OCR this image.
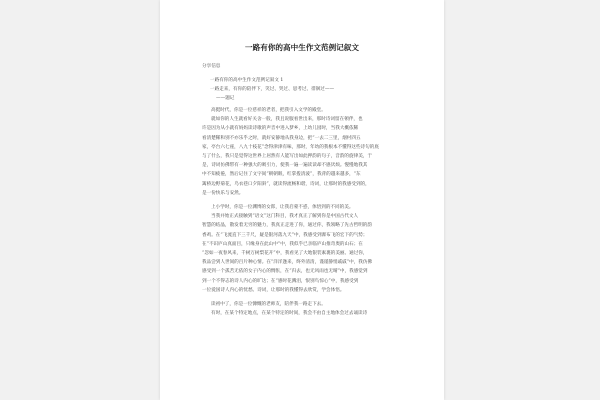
一路有你的高中生作文范例记叙文
分享信息
一路有你的高中生作文范例记叙文 1
一路走来，有你的陪伴下，笑过、哭过、思考过、徘徊过——
——题记
高挺时代，你是一位慈祥的老者，把我引入文学的殿堂。
就如你的人生就看好关舍一般，我且说服看世出来，那时诗词留在頓伴，也
许是因为从小就有妈妈读诗歌的声音中进入梦乡，上幼儿园时，当我大概依稀
看清楚稀和别不亦乐乎之时，就好安静地从我身边，把“一去二三里，烟村四五
家，亭台六七座，八九十枝花”念得津津有味，那时，年幼的我根本不懂得这些诗句的底
与了什么，我只是觉得这世界上居然有人能写出如此押韵的句子，音韵的旋律美，于
是，诗词仿佛带有一种强大的吸引力，使我一遍一遍读读却不感厌烦。慢慢地我其
中不知疲倦，然后记住了文字间“朝朝眠，红掌拨清波”，我背的越来越多，“东
篱桥边野菊花，乌衣巷口夕阳斜”，就读得流畅和谐，诗词，让那时的我感受到的，
是一份快乐与安然。
上小学时，你是一位渊博的女郎，让我启蒙不惑，体悟到的不同的美。
当我并始正式接触到“语文”这门科目，我才真正了解到你是中国古代文人
智慧的结晶，散发着无穷的魅力，我真正走进了你，通过你，我领略了先古哲明的韵
香鸡。在“飞流直下三千尺，疑是银河落九天”中，我感受到瀑布飞的宏下的气势；
在“不识庐山真面目，只缘身在此山中”中，我似乎已亲临庐山推奇奥的山石；在
“忽如一夜春风来，千树万树梨花开”中，我看见了大地银装素裹的美丽。通过你，
我品尝到人世间的百片种心情。在“洋洋逢来，终外清清，谨谨静悄戚戚”中，我仿佛
感受到一个孤苦无依的女子内心的惆怅，在“归去，也无风雨也无晴”中，我感觉到
到一个不得志的诗人内心的旷达；在“感时花溅泪，恨别鸟惊心”中，我感受到
一位爱国诗人内心的忧愁。诗词，让那时的我懂得去欣赏，学会体悟。
读初中了，你是一位慷慨的老师友，陪伴我一路走下去。
有时，在某个特定地点，在某个特定的时间，我会不由自主地体会过去诵读诗
